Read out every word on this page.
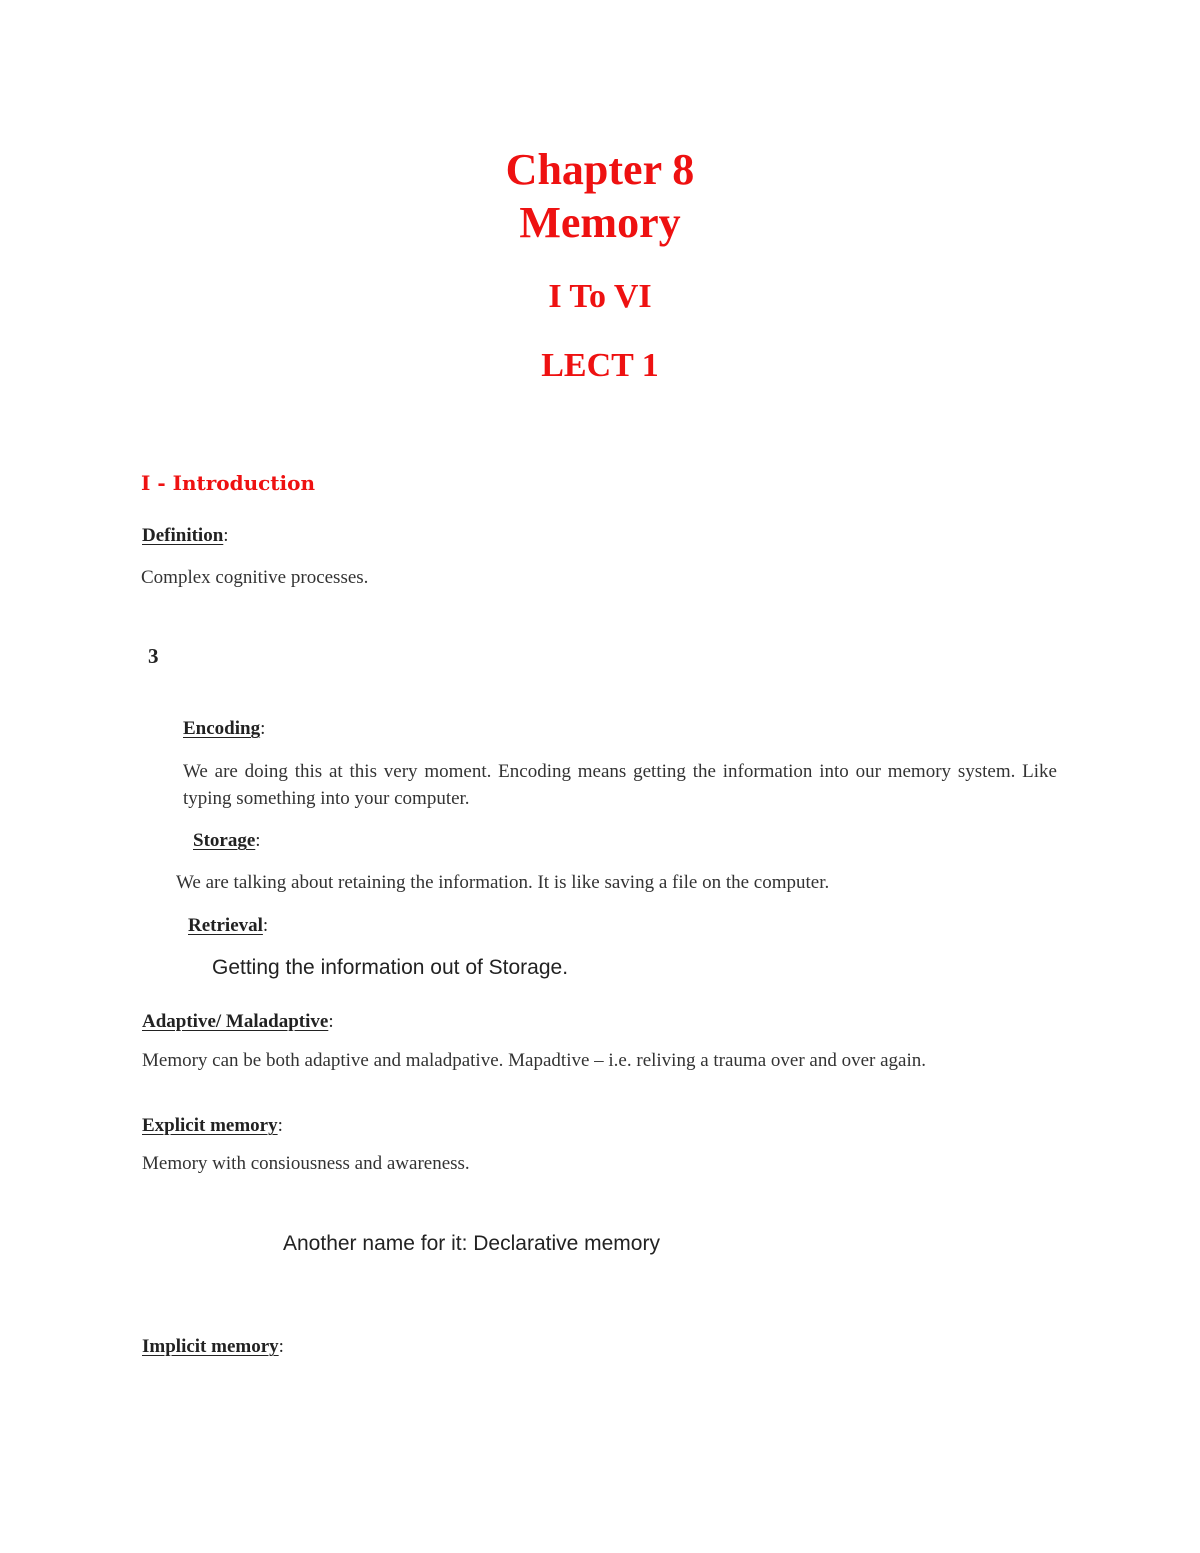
Chapter 8
Memory
I To VI
LECT 1
I - Introduction
Definition:
Complex cognitive processes.
3
Encoding:
We are doing this at this very moment. Encoding means getting the information into our memory system. Like typing something into your computer.
Storage:
We are talking about retaining the information. It is like saving a file on the computer.
Retrieval:
Getting the information out of Storage.
Adaptive/ Maladaptive:
Memory can be both adaptive and maladpative. Mapadtive – i.e. reliving a trauma over and over again.
Explicit memory:
Memory with consiousness and awareness.
Another name for it: Declarative memory
Implicit memory:
